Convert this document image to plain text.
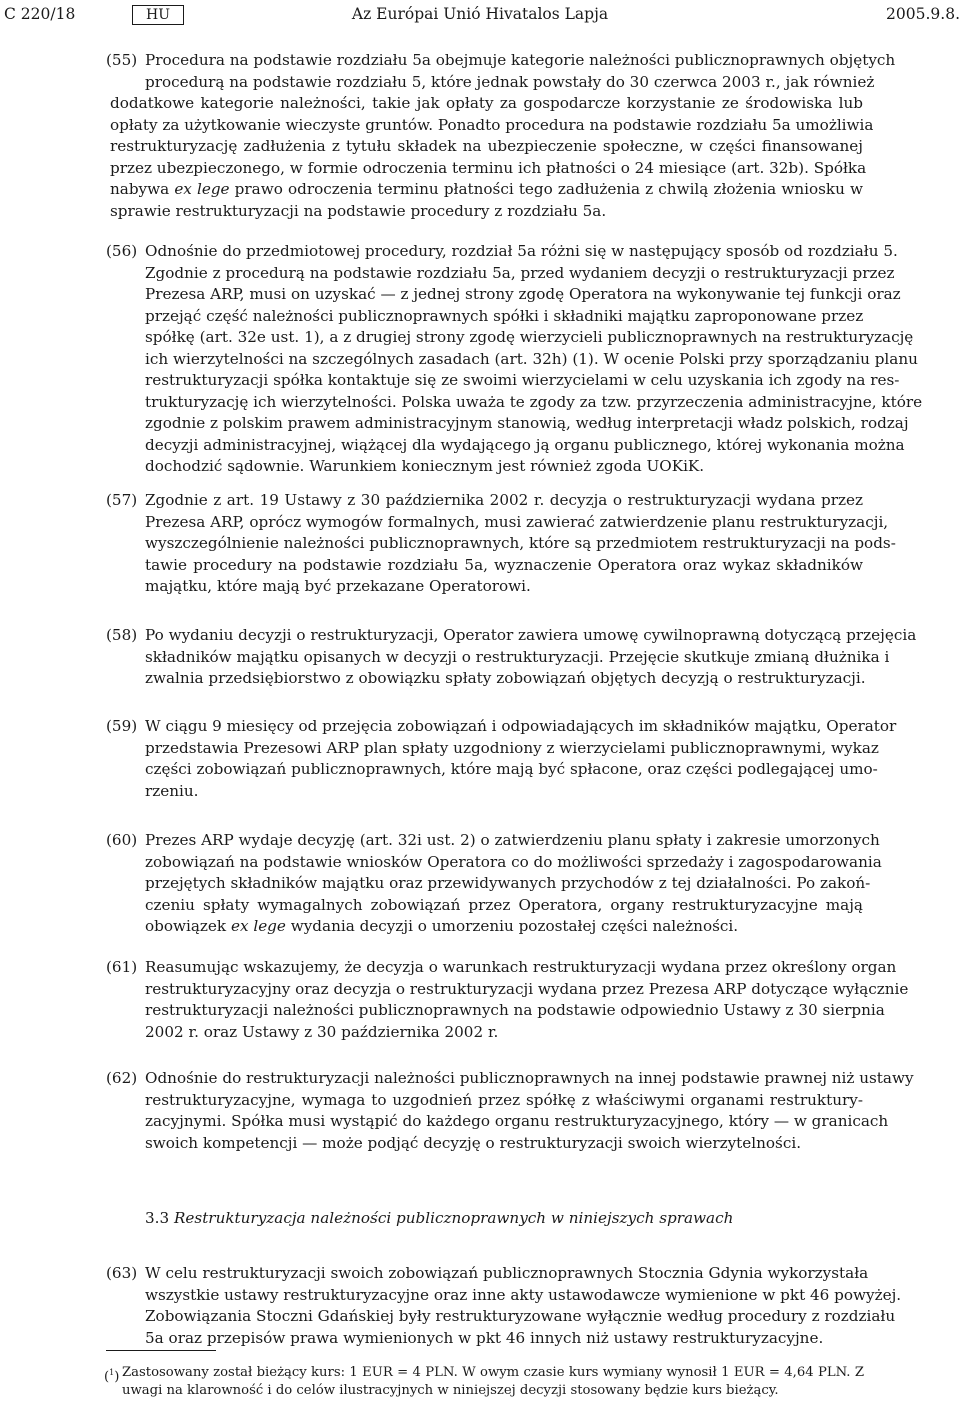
C 220/18	HU	Az Európai Unió Hivatalos Lapja	2005.9.8.
(55) Procedura na podstawie rozdziału 5a obejmuje kategorie należności publicznoprawnych objętych
procedurą na podstawie rozdziału 5, które jednak powstały do 30 czerwca 2003 r., jak również
dodatkowe kategorie należności, takie jak opłaty za gospodarcze korzystanie ze środowiska lub
opłaty za użytkowanie wieczyste gruntów. Ponadto procedura na podstawie rozdziału 5a umożliwia
restrukturyzację zadłużenia z tytułu składek na ubezpieczenie społeczne, w części finansowanej
przez ubezpieczonego, w formie odroczenia terminu ich płatności o 24 miesiące (art. 32b). Spółka
nabywa ex lege prawo odroczenia terminu płatności tego zadłużenia z chwilą złożenia wniosku w
sprawie restrukturyzacji na podstawie procedury z rozdziału 5a.
(56) Odnośnie do przedmiotowej procedury, rozdział 5a różni się w następujący sposób od rozdziału 5.
Zgodnie z procedurą na podstawie rozdziału 5a, przed wydaniem decyzji o restrukturyzacji przez
Prezesa ARP, musi on uzyskać — z jednej strony zgodę Operatora na wykonywanie tej funkcji oraz
przejąć część należności publicznoprawnych spółki i składniki majątku zaproponowane przez
spółkę (art. 32e ust. 1), a z drugiej strony zgodę wierzycieli publicznoprawnych na restrukturyzację
ich wierzytelności na szczególnych zasadach (art. 32h) (1). W ocenie Polski przy sporządzaniu planu
restrukturyzacji spółka kontaktuje się ze swoimi wierzycielami w celu uzyskania ich zgody na res-
trukturyzację ich wierzytelności. Polska uważa te zgody za tzw. przyrzeczenia administracyjne, które
zgodnie z polskim prawem administracyjnym stanowią, według interpretacji władz polskich, rodzaj
decyzji administracyjnej, wiążącej dla wydającego ją organu publicznego, której wykonania można
dochodzić sądownie. Warunkiem koniecznym jest również zgoda UOKiK.
(57) Zgodnie z art. 19 Ustawy z 30 października 2002 r. decyzja o restrukturyzacji wydana przez
Prezesa ARP, oprócz wymogów formalnych, musi zawierać zatwierdzenie planu restrukturyzacji,
wyszczególnienie należności publicznoprawnych, które są przedmiotem restrukturyzacji na pods-
tawie procedury na podstawie rozdziału 5a, wyznaczenie Operatora oraz wykaz składników
majątku, które mają być przekazane Operatorowi.
(58) Po wydaniu decyzji o restrukturyzacji, Operator zawiera umowę cywilnoprawną dotyczącą przejęcia
składników majątku opisanych w decyzji o restrukturyzacji. Przejęcie skutkuje zmianą dłużnika i
zwalnia przedsiębiorstwo z obowiązku spłaty zobowiązań objętych decyzją o restrukturyzacji.
(59) W ciągu 9 miesięcy od przejęcia zobowiązań i odpowiadających im składników majątku, Operator
przedstawia Prezesowi ARP plan spłaty uzgodniony z wierzycielami publicznoprawnymi, wykaz
części zobowiązań publicznoprawnych, które mają być spłacone, oraz części podlegającej umo-
rzeniu.
(60) Prezes ARP wydaje decyzję (art. 32i ust. 2) o zatwierdzeniu planu spłaty i zakresie umorzonych
zobowiązań na podstawie wniosków Operatora co do możliwości sprzedaży i zagospodarowania
przejętych składników majątku oraz przewidywanych przychodów z tej działalności. Po zakoń-
czeniu spłaty wymagalnych zobowiązań przez Operatora, organy restrukturyzacyjne mają
obowiązek ex lege wydania decyzji o umorzeniu pozostałej części należności.
(61) Reasumując wskazujemy, że decyzja o warunkach restrukturyzacji wydana przez określony organ
restrukturyzacyjny oraz decyzja o restrukturyzacji wydana przez Prezesa ARP dotyczące wyłącznie
restrukturyzacji należności publicznoprawnych na podstawie odpowiednio Ustawy z 30 sierpnia
2002 r. oraz Ustawy z 30 października 2002 r.
(62) Odnośnie do restrukturyzacji należności publicznoprawnych na innej podstawie prawnej niż ustawy
restrukturyzacyjne, wymaga to uzgodnień przez spółkę z właściwymi organami restruktury-
zacyjnymi. Spółka musi wystąpić do każdego organu restrukturyzacyjnego, który — w granicach
swoich kompetencji — może podjąć decyzję o restrukturyzacji swoich wierzytelności.
(63) W celu restrukturyzacji swoich zobowiązań publicznoprawnych Stocznia Gdynia wykorzystała
wszystkie ustawy restrukturyzacyjne oraz inne akty ustawodawcze wymienione w pkt 46 powyżej.
Zobowiązania Stoczni Gdańskiej były restrukturyzowane wyłącznie według procedury z rozdziału
5a oraz przepisów prawa wymienionych w pkt 46 innych niż ustawy restrukturyzacyjne.
3.3 Restrukturyzacja należności publicznoprawnych w niniejszych sprawach
($^1$) Zastosowany został bieżący kurs: 1 EUR = 4 PLN. W owym czasie kurs wymiany wynosił 1 EUR = 4,64 PLN. Z
uwagi na klarowność i do celów ilustracyjnych w niniejszej decyzji stosowany będzie kurs bieżący.
